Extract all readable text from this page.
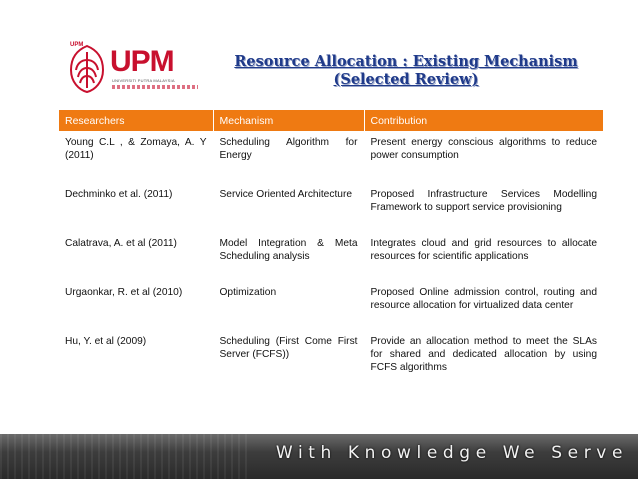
UPM UPM
UNIVERSITI PUTRA MALAYSIA
Resource Allocation : Existing Mechanism
(Selected Review)
Researchers	Mechanism	Contribution
Young C.L , & Zomaya, A. Y (2011)	Scheduling Algorithm for Energy	Present energy conscious algorithms to reduce power consumption
Dechminko et al. (2011)	Service Oriented Architecture	Proposed Infrastructure Services Modelling Framework to support service provisioning
Calatrava, A. et al (2011)	Model Integration & Meta Scheduling analysis	Integrates cloud and grid resources to allocate resources for scientific applications
Urgaonkar, R. et al (2010)	Optimization	Proposed Online admission control, routing and resource allocation for virtualized data center
Hu, Y. et al (2009)	Scheduling (First Come First Server (FCFS))	Provide an allocation method to meet the SLAs for shared and dedicated allocation by using FCFS algorithms
With Knowledge We Serve
